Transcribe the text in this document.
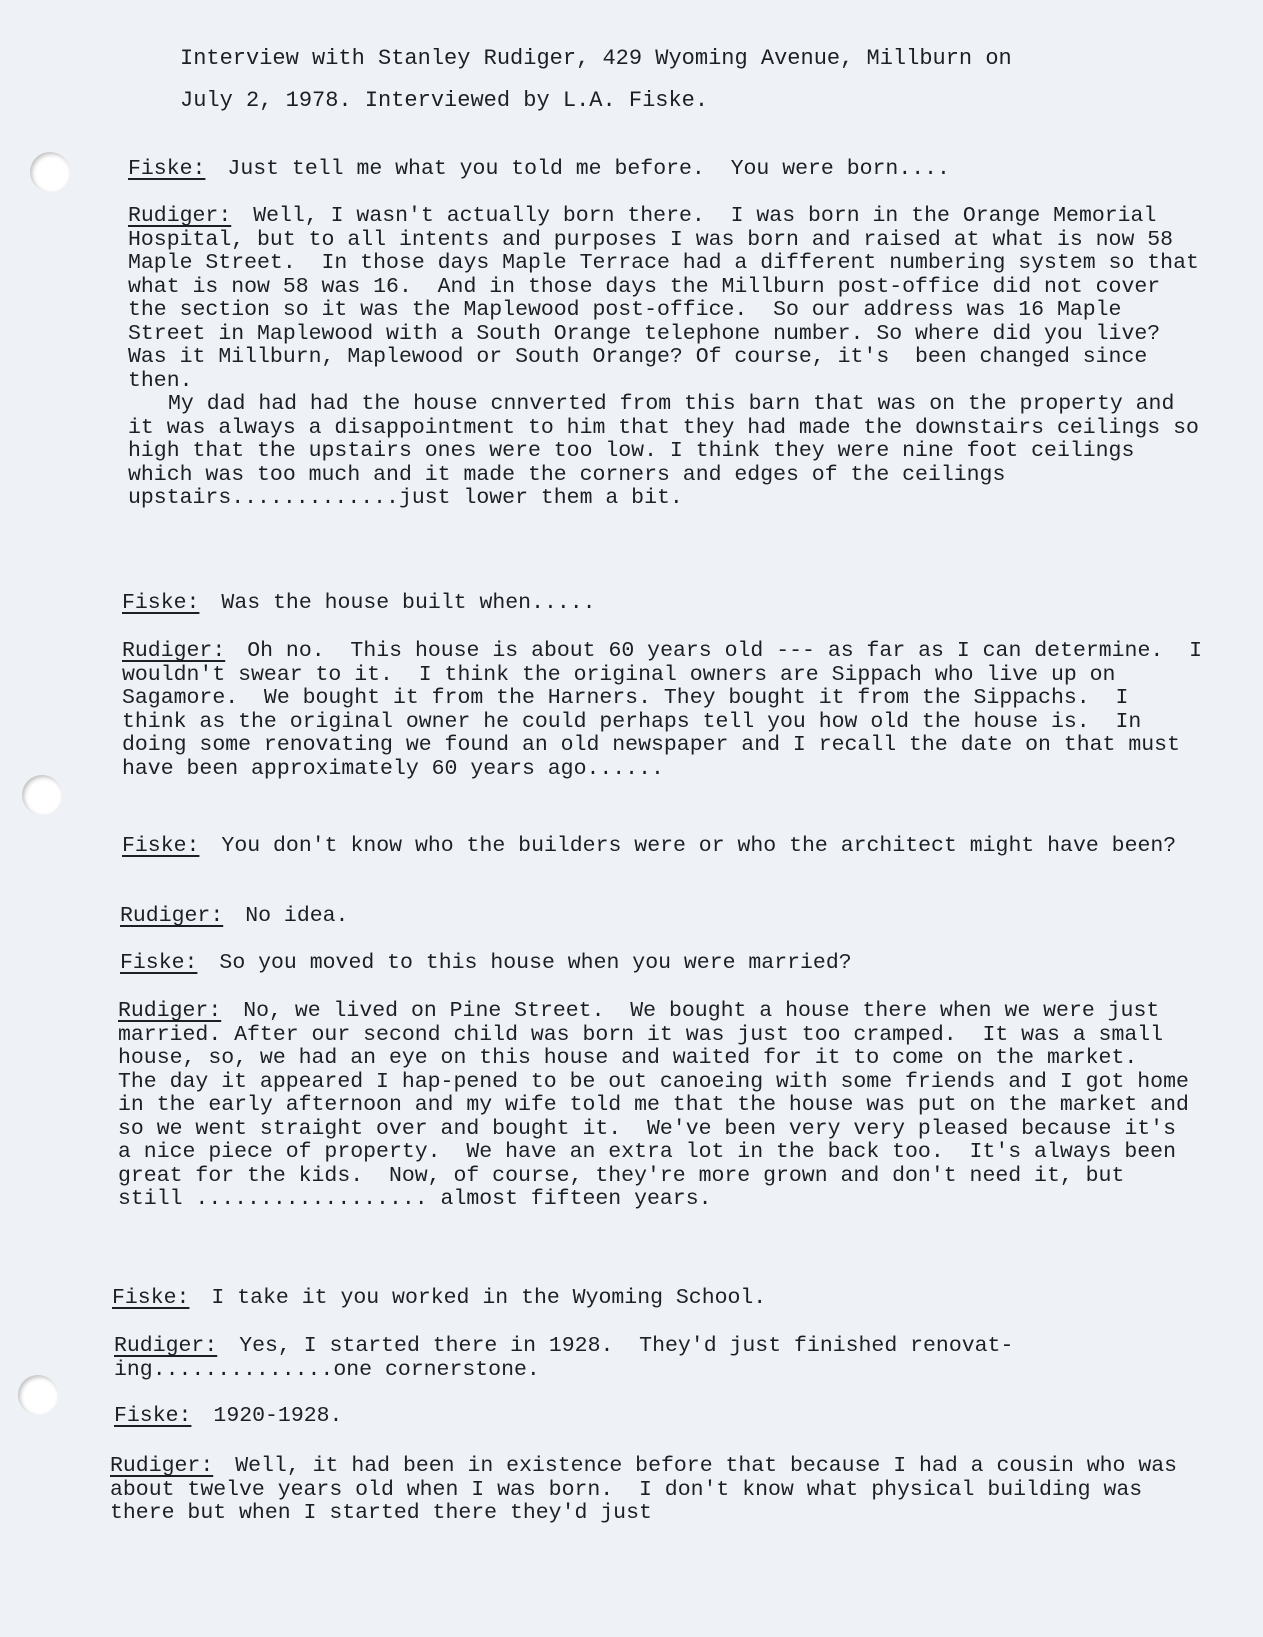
Interview with Stanley Rudiger, 429 Wyoming Avenue, Millburn on
July 2, 1978. Interviewed by L.A. Fiske.
Fiske: Just tell me what you told me before.  You were born....
Rudiger: Well, I wasn't actually born there.  I was born in the Orange Memorial Hospital, but to all intents and purposes I was born and raised at what is now 58 Maple Street.  In those days Maple Terrace had a different numbering system so that what is now 58 was 16.  And in those days the Millburn post-office did not cover the section so it was the Maplewood post-office.  So our address was 16 Maple Street in Maplewood with a South Orange telephone number. So where did you live?  Was it Millburn, Maplewood or South Orange? Of course, it's  been changed since then.
My dad had had the house cnnverted from this barn that was on the property and it was always a disappointment to him that they had made the downstairs ceilings so high that the upstairs ones were too low. I think they were nine foot ceilings which was too much and it made the corners and edges of the ceilings upstairs.............just lower them a bit.
Fiske: Was the house built when.....
Rudiger: Oh no.  This house is about 60 years old --- as far as I can determine.  I wouldn't swear to it.  I think the original owners are Sippach who live up on Sagamore.  We bought it from the Harners. They bought it from the Sippachs.  I think as the original owner he could perhaps tell you how old the house is.  In doing some renovating we found an old newspaper and I recall the date on that must have been approximately 60 years ago......
Fiske: You don't know who the builders were or who the architect might have been?
Rudiger: No idea.
Fiske: So you moved to this house when you were married?
Rudiger: No, we lived on Pine Street.  We bought a house there when we were just married. After our second child was born it was just too cramped.  It was a small house, so, we had an eye on this house and waited for it to come on the market.  The day it appeared I hap-pened to be out canoeing with some friends and I got home in the early afternoon and my wife told me that the house was put on the market and so we went straight over and bought it.  We've been very very pleased because it's a nice piece of property.  We have an extra lot in the back too.  It's always been great for the kids.  Now, of course, they're more grown and don't need it, but still .................. almost fifteen years.
Fiske: I take it you worked in the Wyoming School.
Rudiger: Yes, I started there in 1928.  They'd just finished renovat-ing..............one cornerstone.
Fiske: 1920-1928.
Rudiger: Well, it had been in existence before that because I had a cousin who was about twelve years old when I was born.  I don't know what physical building was there but when I started there they'd just
